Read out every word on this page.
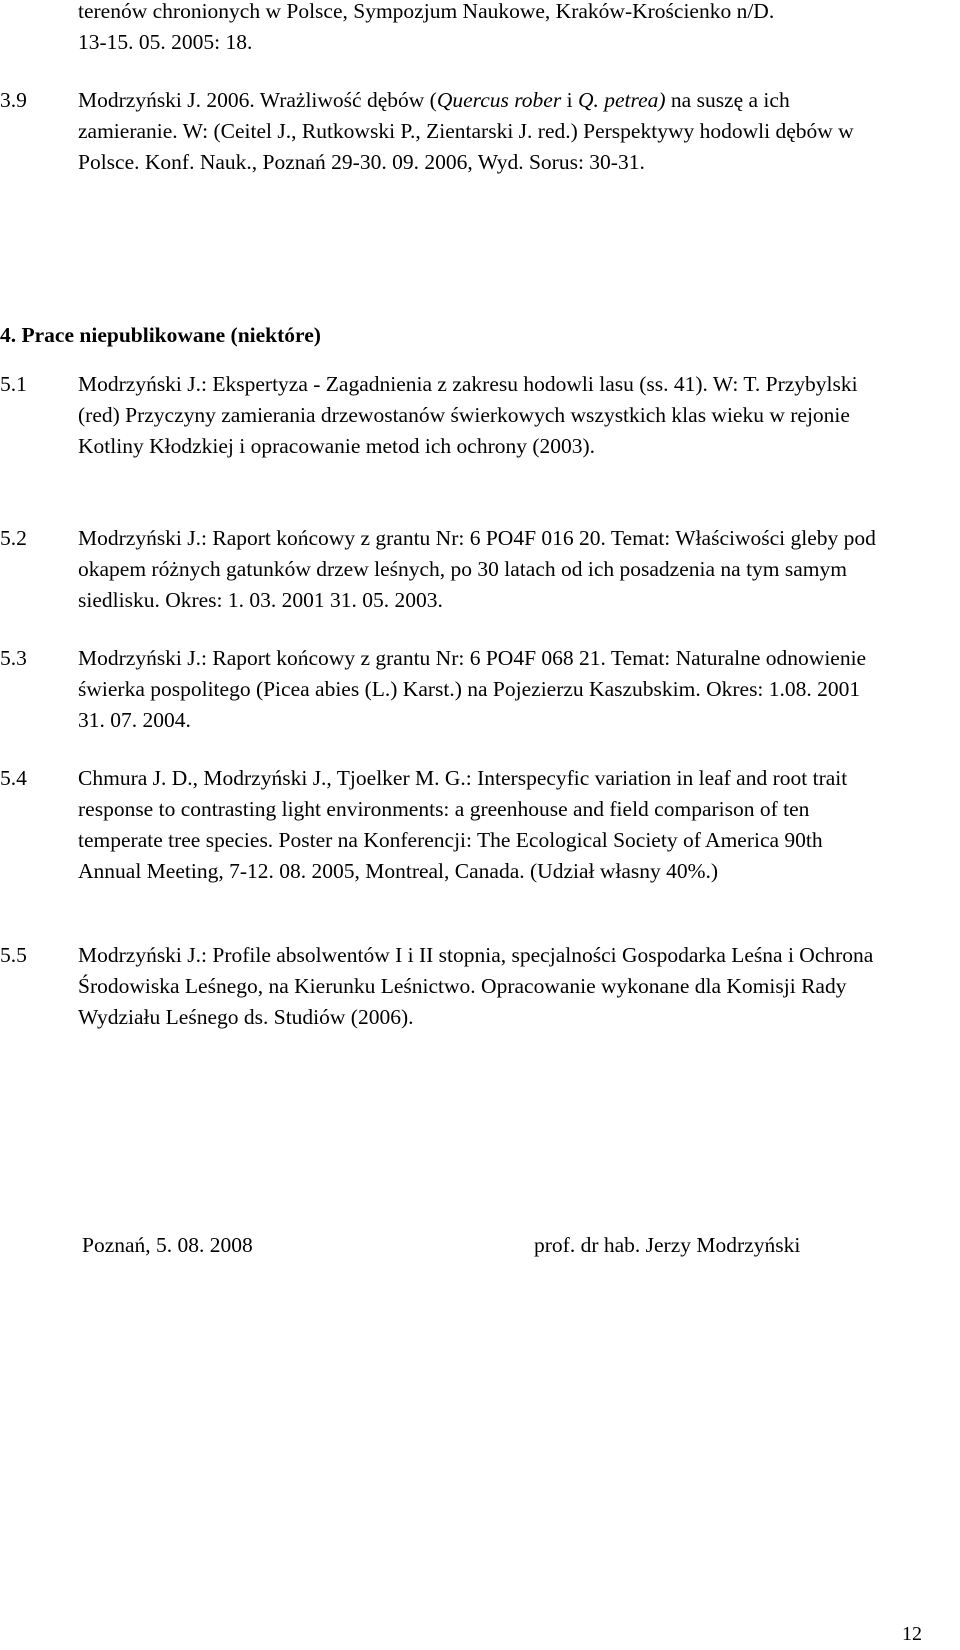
terenów chronionych w Polsce, Sympozjum Naukowe, Kraków-Krościenko n/D.
13-15. 05. 2005: 18.
3.9	Modrzyński J. 2006. Wrażliwość dębów (Quercus rober i Q. petrea) na suszę a ich zamieranie. W: (Ceitel J., Rutkowski P., Zientarski J. red.) Perspektywy hodowli dębów w Polsce. Konf. Nauk., Poznań 29-30. 09. 2006, Wyd. Sorus: 30-31.
4. Prace niepublikowane (niektóre)
5.1	Modrzyński J.: Ekspertyza - Zagadnienia z zakresu hodowli lasu (ss. 41). W: T. Przybylski (red) Przyczyny zamierania drzewostanów świerkowych wszystkich klas wieku w rejonie Kotliny Kłodzkiej i opracowanie metod ich ochrony (2003).
5.2	Modrzyński J.: Raport końcowy z grantu Nr: 6 PO4F 016 20. Temat: Właściwości gleby pod okapem różnych gatunków drzew leśnych, po 30 latach od ich posadzenia na tym samym siedlisku. Okres: 1. 03. 2001 31. 05. 2003.
5.3	Modrzyński J.: Raport końcowy z grantu Nr: 6 PO4F 068 21. Temat: Naturalne odnowienie świerka pospolitego (Picea abies (L.) Karst.) na Pojezierzu Kaszubskim. Okres: 1.08. 2001 31. 07. 2004.
5.4	Chmura J. D., Modrzyński J., Tjoelker M. G.: Interspecyfic variation in leaf and root trait response to contrasting light environments: a greenhouse and field comparison of ten temperate tree species. Poster na Konferencji: The Ecological Society of America 90th Annual Meeting, 7-12. 08. 2005, Montreal, Canada. (Udział własny 40%.)
5.5	Modrzyński J.: Profile absolwentów I i II stopnia, specjalności Gospodarka Leśna i Ochrona Środowiska Leśnego, na Kierunku Leśnictwo. Opracowanie wykonane dla Komisji Rady Wydziału Leśnego ds. Studiów (2006).
Poznań, 5. 08. 2008	prof. dr hab. Jerzy Modrzyński
12
